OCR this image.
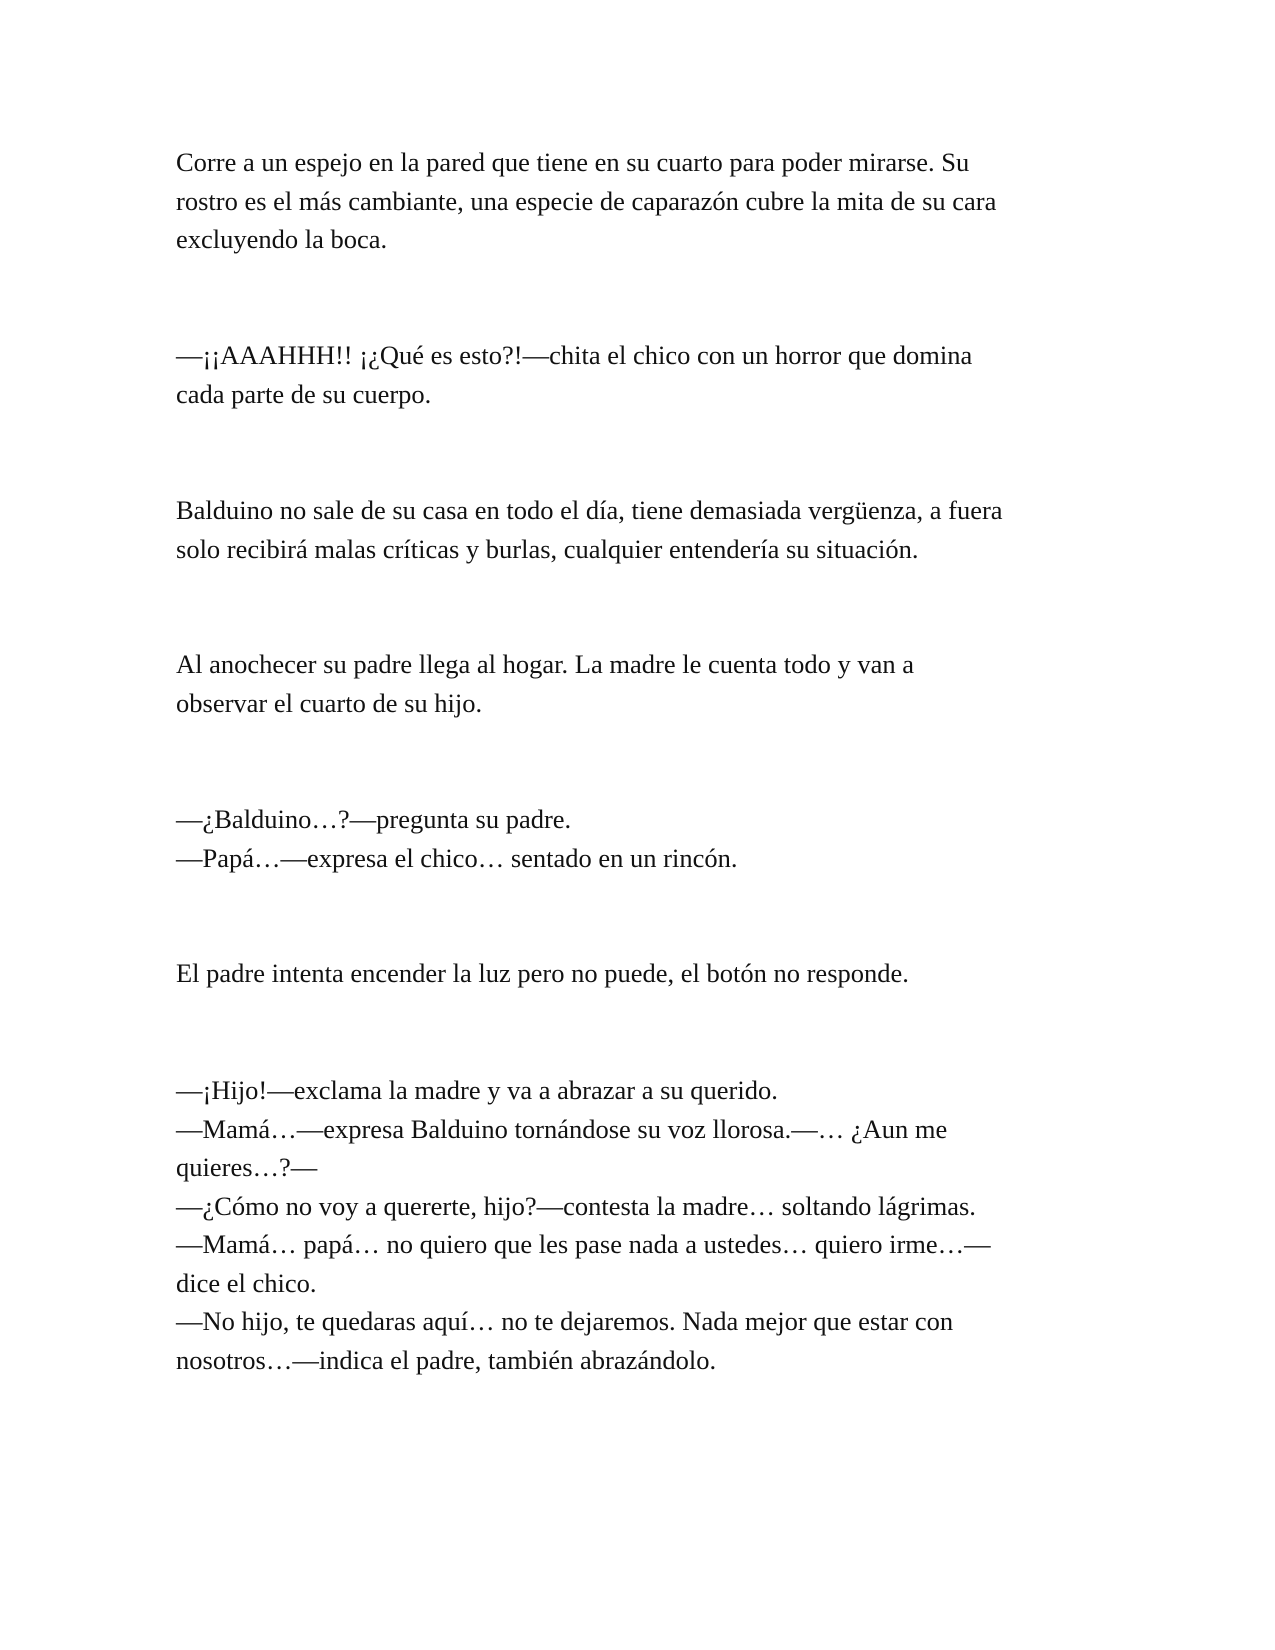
Corre a un espejo en la pared que tiene en su cuarto para poder mirarse. Su

rostro es el más cambiante, una especie de caparazón cubre la mita de su cara

excluyendo la boca.

—¡¡AAAHHH!! ¡¿Qué es esto?!—chita el chico con un horror que domina

cada parte de su cuerpo.

Balduino no sale de su casa en todo el día, tiene demasiada vergüenza, a fuera

solo recibirá malas críticas y burlas, cualquier entendería su situación.

Al anochecer su padre llega al hogar. La madre le cuenta todo y van a

observar el cuarto de su hijo.

—¿Balduino…?—pregunta su padre.

—Papá…—expresa el chico… sentado en un rincón.

El padre intenta encender la luz pero no puede, el botón no responde.

—¡Hijo!—exclama la madre y va a abrazar a su querido.

—Mamá…—expresa Balduino tornándose su voz llorosa.—… ¿Aun me

quieres…?—

—¿Cómo no voy a quererte, hijo?—contesta la madre… soltando lágrimas.

—Mamá… papá… no quiero que les pase nada a ustedes… quiero irme…—

dice el chico.

—No hijo, te quedaras aquí… no te dejaremos. Nada mejor que estar con

nosotros…—indica el padre, también abrazándolo.
